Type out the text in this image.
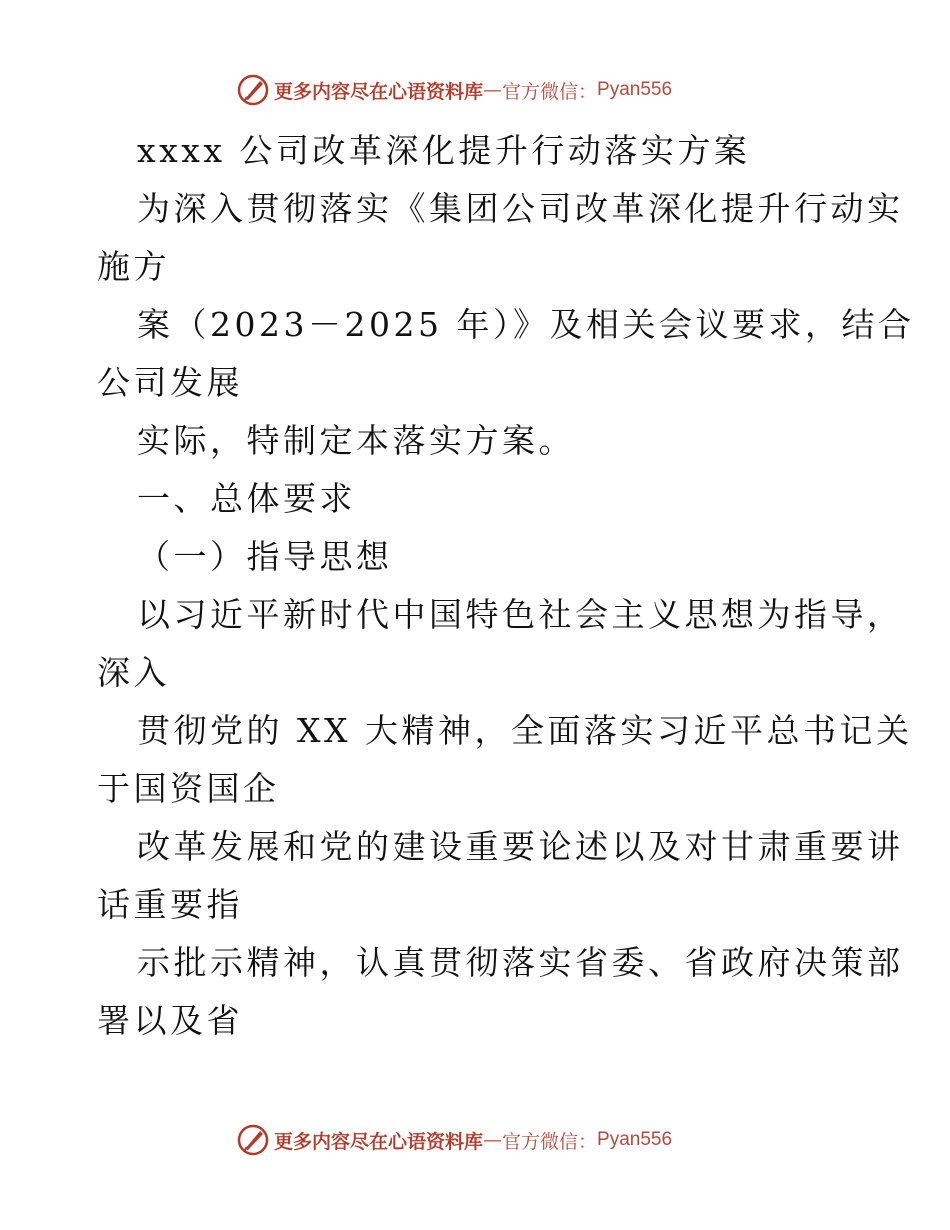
更多内容尽在心语资料库 — 官方微信： Pyan556
xxxx 公司改革深化提升行动落实方案
为深入贯彻落实《集团公司改革深化提升行动实
施方
案（2023－2025 年）》及相关会议要求，结合
公司发展
实际，特制定本落实方案。
一、总体要求
（一）指导思想
以习近平新时代中国特色社会主义思想为指导，
深入
贯彻党的 XX 大精神，全面落实习近平总书记关
于国资国企
改革发展和党的建设重要论述以及对甘肃重要讲
话重要指
示批示精神，认真贯彻落实省委、省政府决策部
署以及省
更多内容尽在心语资料库 — 官方微信： Pyan556
